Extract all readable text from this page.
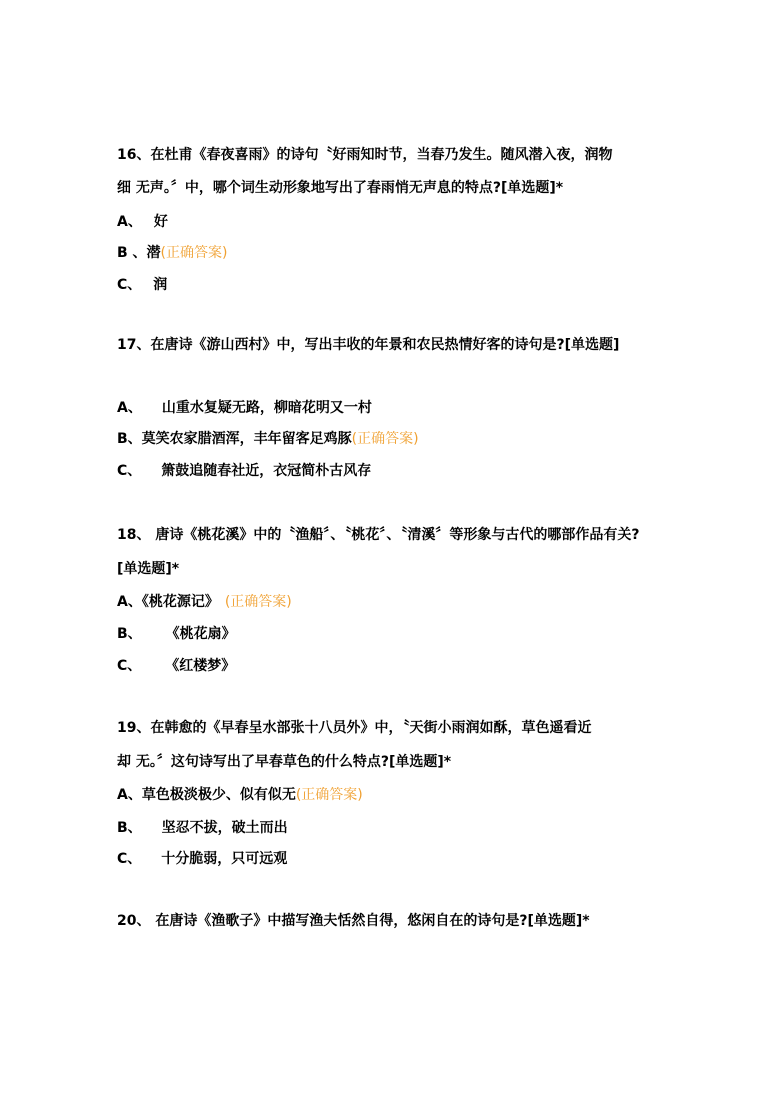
16、在杜甫《春夜喜雨》的诗句〝好雨知时节，当春乃发生。随风潜入夜，润物
细 无声。〞中，哪个词生动形象地写出了春雨悄无声息的特点?[单选题]*
A、 好
B 、潜(正确答案)
C、 润
17、在唐诗《游山西村》中，写出丰收的年景和农民热情好客的诗句是?[单选题]
A、 山重水复疑无路，柳暗花明又一村
B、莫笑农家腊酒浑，丰年留客足鸡豚(正确答案)
C、 箫鼓追随春社近，衣冠简朴古风存
18、 唐诗《桃花溪》中的〝渔船〞、〝桃花〞、〝清溪〞等形象与古代的哪部作品有关?
[单选题]*
A、《桃花源记》 (正确答案)
B、 《桃花扇》
C、 《红楼梦》
19、在韩愈的《早春呈水部张十八员外》中，〝天街小雨润如酥，草色遥看近
却 无。〞这句诗写出了早春草色的什么特点?[单选题]*
A、草色极淡极少、似有似无(正确答案)
B、 坚忍不拔，破土而出
C、 十分脆弱，只可远观
20、 在唐诗《渔歌子》中描写渔夫恬然自得，悠闲自在的诗句是?[单选题]*
